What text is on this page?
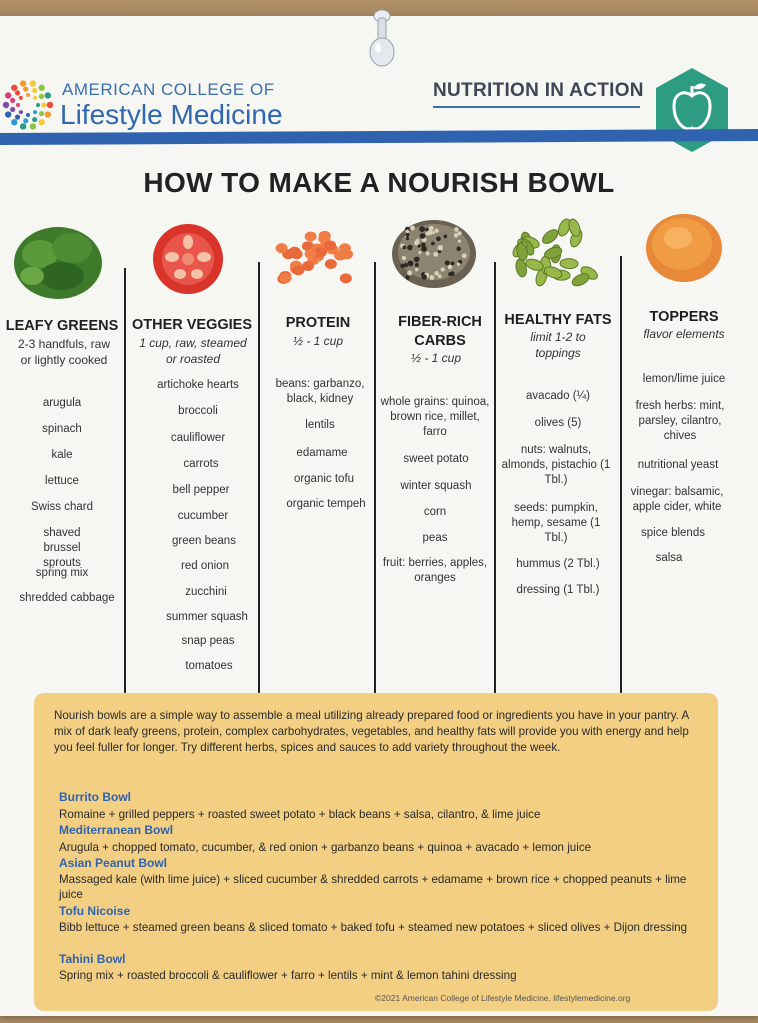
AMERICAN COLLEGE OF
Lifestyle Medicine
NUTRITION IN ACTION
HOW TO MAKE A NOURISH BOWL
LEAFY GREENS
2-3 handfuls, raw or lightly cooked
arugula
spinach
kale
lettuce
Swiss chard
shaved brussel sprouts
spring mix
shredded cabbage
OTHER VEGGIES
1 cup, raw, steamed or roasted
artichoke hearts
broccoli
cauliflower
carrots
bell pepper
cucumber
green beans
red onion
zucchini
summer squash
snap peas
tomatoes
PROTEIN
½ - 1 cup
beans: garbanzo, black, kidney
lentils
edamame
organic tofu
organic tempeh
FIBER-RICH CARBS
½ - 1 cup
whole grains: quinoa, brown rice, millet, farro
sweet potato
winter squash
corn
peas
fruit: berries, apples, oranges
HEALTHY FATS
limit 1-2 to toppings
avacado (¼)
olives (5)
nuts: walnuts, almonds, pistachio (1 Tbl.)
seeds: pumpkin, hemp, sesame (1 Tbl.)
hummus (2 Tbl.)
dressing (1 Tbl.)
TOPPERS
flavor elements
lemon/lime juice
fresh herbs: mint, parsley, cilantro, chives
nutritional yeast
vinegar: balsamic, apple cider, white
spice blends
salsa
Nourish bowls are a simple way to assemble a meal utilizing already prepared food or ingredients you have in your pantry. A mix of dark leafy greens, protein, complex carbohydrates, vegetables, and healthy fats will provide you with energy and help you feel fuller for longer. Try different herbs, spices and sauces to add variety throughout the week.
Burrito Bowl
Romaine + grilled peppers + roasted sweet potato + black beans + salsa, cilantro, & lime juice
Mediterranean Bowl
Arugula + chopped tomato, cucumber, & red onion + garbanzo beans + quinoa + avacado + lemon juice
Asian Peanut Bowl
Massaged kale (with lime juice) + sliced cucumber & shredded carrots + edamame + brown rice + chopped peanuts + lime juice
Tofu Nicoise
Bibb lettuce + steamed green beans & sliced tomato + baked tofu + steamed new potatoes + sliced olives + Dijon dressing
Tahini Bowl
Spring mix + roasted broccoli & cauliflower + farro + lentils + mint & lemon tahini dressing
©2021 American College of Lifestyle Medicine. lifestylemedicine.org
